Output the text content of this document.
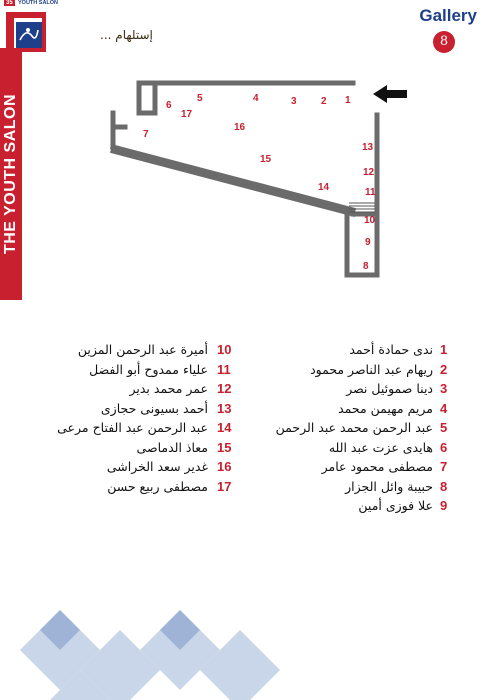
35 YOUTH SALON
إستلهام ...
Gallery
8
THE YOUTH SALON	1
2
3
4
5
6
7
8
9
10
11
12
13
14
15
16
17
1
ندى حمادة أحمد
2
ريهام عبد الناصر محمود
3
دينا صموئيل نصر
4
مريم مهيمن محمد
5
عبد الرحمن محمد عبد الرحمن
6
هايدى عزت عبد الله
7
مصطفى محمود عامر
8
حبيبة وائل الجزار
9
علا فوزى أمين
10
أميرة عبد الرحمن المزين
11
علياء ممدوح أبو الفضل
12
عمر محمد بدير
13
أحمد بسيونى حجازى
14
عبد الرحمن عبد الفتاح مرعى
15
معاذ الدماصى
16
غدير سعد الخراشى
17
مصطفى ربيع حسن
